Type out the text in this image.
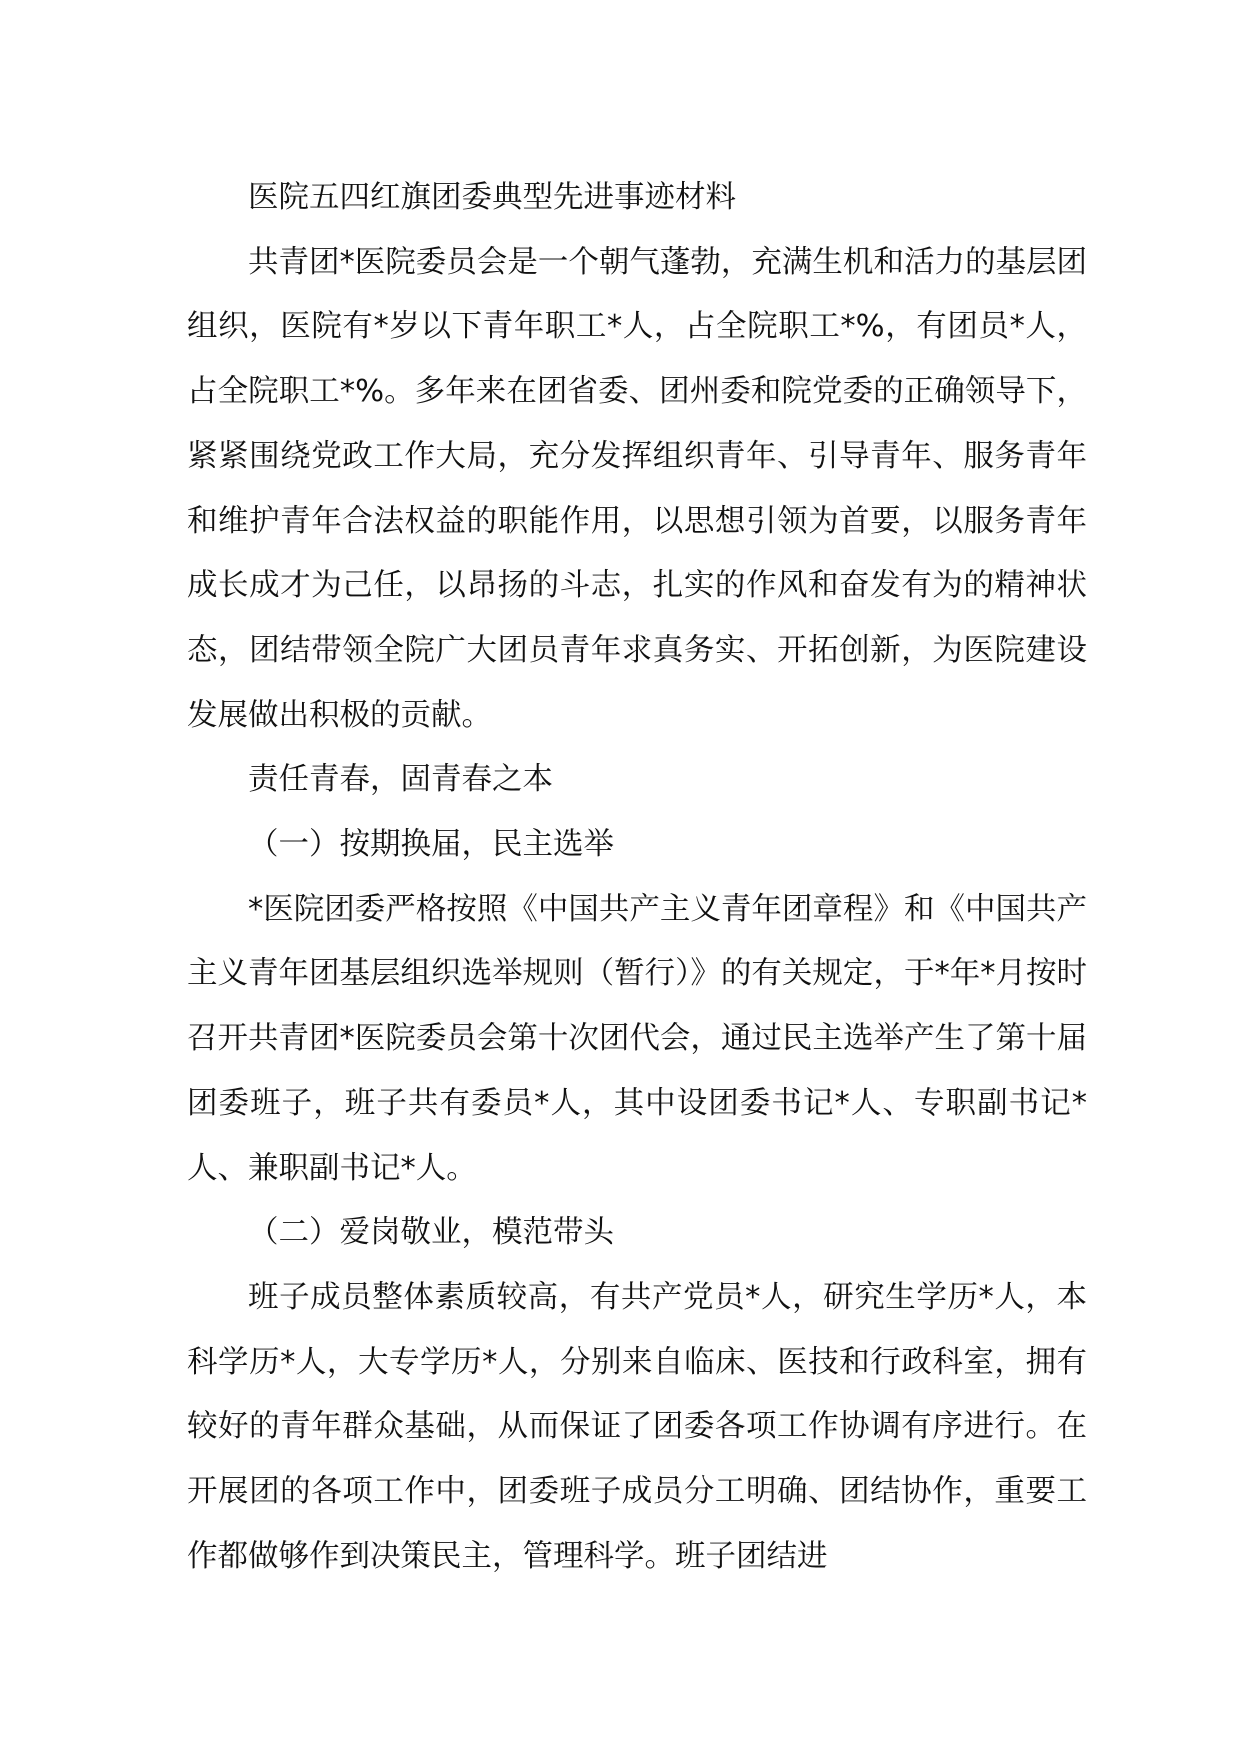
医院五四红旗团委典型先进事迹材料

共青团*医院委员会是一个朝气蓬勃，充满生机和活力的基层团组织，医院有*岁以下青年职工*人，占全院职工*%，有团员*人，占全院职工*%。多年来在团省委、团州委和院党委的正确领导下，紧紧围绕党政工作大局，充分发挥组织青年、引导青年、服务青年和维护青年合法权益的职能作用，以思想引领为首要，以服务青年成长成才为己任，以昂扬的斗志，扎实的作风和奋发有为的精神状态，团结带领全院广大团员青年求真务实、开拓创新，为医院建设发展做出积极的贡献。

责任青春，固青春之本

（一）按期换届，民主选举

*医院团委严格按照《中国共产主义青年团章程》和《中国共产主义青年团基层组织选举规则（暂行）》的有关规定，于*年*月按时召开共青团*医院委员会第十次团代会，通过民主选举产生了第十届团委班子，班子共有委员*人，其中设团委书记*人、专职副书记*人、兼职副书记*人。

（二）爱岗敬业，模范带头

班子成员整体素质较高，有共产党员*人，研究生学历*人，本科学历*人，大专学历*人，分别来自临床、医技和行政科室，拥有较好的青年群众基础，从而保证了团委各项工作协调有序进行。在开展团的各项工作中，团委班子成员分工明确、团结协作，重要工作都做够作到决策民主，管理科学。班子团结进
